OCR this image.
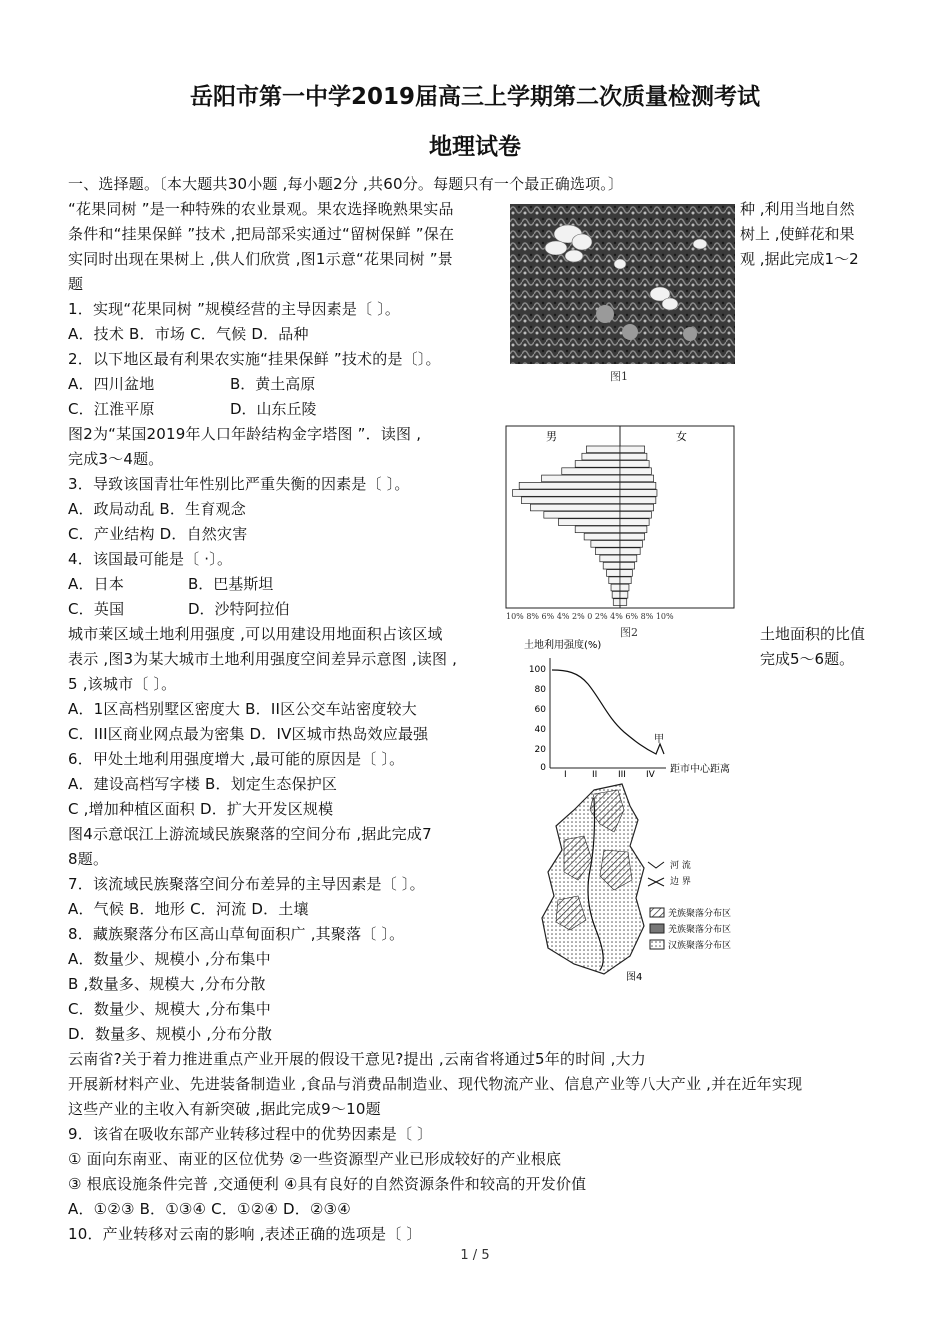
岳阳市第一中学2019届高三上学期第二次质量检测考试
地理试卷
一、选择题。〔本大题共30小题 ,每小题2分 ,共60分。每题只有一个最正确选项。〕
“花果同树 ”是一种特殊的农业景观。果农选择晚熟果实品	种 ,利用当地自然
条件和“挂果保鲜 ”技术 ,把局部采实通过“留树保鲜 ”保在	树上 ,使鲜花和果
实同时出现在果树上 ,供人们欣赏 ,图1示意“花果同树 ”景	观 ,据此完成1～2
题
1．实现“花果同树 ”规模经营的主导因素是〔 〕。
A．技术 B．市场 C．气候 D．品种
2．以下地区最有利果农实施“挂果保鲜 ”技术的是〔〕。
A．四川盆地	B．黄土高原
C．江淮平原	D．山东丘陵
图2为“某国2019年人口年龄结构金字塔图 ”．读图 ,
完成3～4题。
3．导致该国青壮年性别比严重失衡的因素是〔 〕。
A．政局动乱 B．生育观念
C．产业结构 D．自然灾害
4．该国最可能是〔 ·〕。
A．日本	B．巴基斯坦
C．英国	D．沙特阿拉伯
城市莱区域土地利用强度 ,可以用建设用地面积占该区域	土地面积的比值
表示 ,图3为某大城市土地利用强度空间差异示意图 ,读图 ,	完成5～6题。
5 ,该城市〔 〕。
A．1区高档别墅区密度大 B．II区公交车站密度较大
C．III区商业网点最为密集 D．IV区城市热岛效应最强
6．甲处土地利用强度增大 ,最可能的原因是〔 〕。
A．建设高档写字楼 B．划定生态保护区
C ,增加种植区面积 D．扩大开发区规模
图4示意氓江上游流域民族聚落的空间分布 ,据此完成7
8题。
7．该流域民族聚落空间分布差异的主导因素是〔 〕。
A．气候 B．地形 C．河流 D．土壤
8．藏族聚落分布区高山草甸面积广 ,其聚落〔 〕。
A．数量少、规模小 ,分布集中
B ,数量多、规模大 ,分布分散
C．数量少、规模大 ,分布集中
D．数量多、规模小 ,分布分散
云南省?关于着力推进重点产业开展的假设干意见?提出 ,云南省将通过5年的时间 ,大力
开展新材料产业、先进装备制造业 ,食品与消费品制造业、现代物流产业、信息产业等八大产业 ,并在近年实现
这些产业的主收入有新突破 ,据此完成9～10题
9．该省在吸收东部产业转移过程中的优势因素是〔 〕
① 面向东南亚、南亚的区位优势 ②一些资源型产业已形成较好的产业根底
③ 根底设施条件完普 ,交通便利 ④具有良好的自然资源条件和较高的开发价值
A．①②③ B．①③④ C．①②④ D．②③④
10．产业转移对云南的影响 ,表述正确的选项是〔 〕
1 / 5
图1
男	女
10% 8% 6% 4% 2% 0 2% 4% 6% 8% 10%
图2
土地利用强度(%)
100
80
60
40
20
0
甲
I	II III IV 距市中心距离
河 流
边 界
羌族聚落分布区
羌族聚落分布区
汉族聚落分布区
图4
